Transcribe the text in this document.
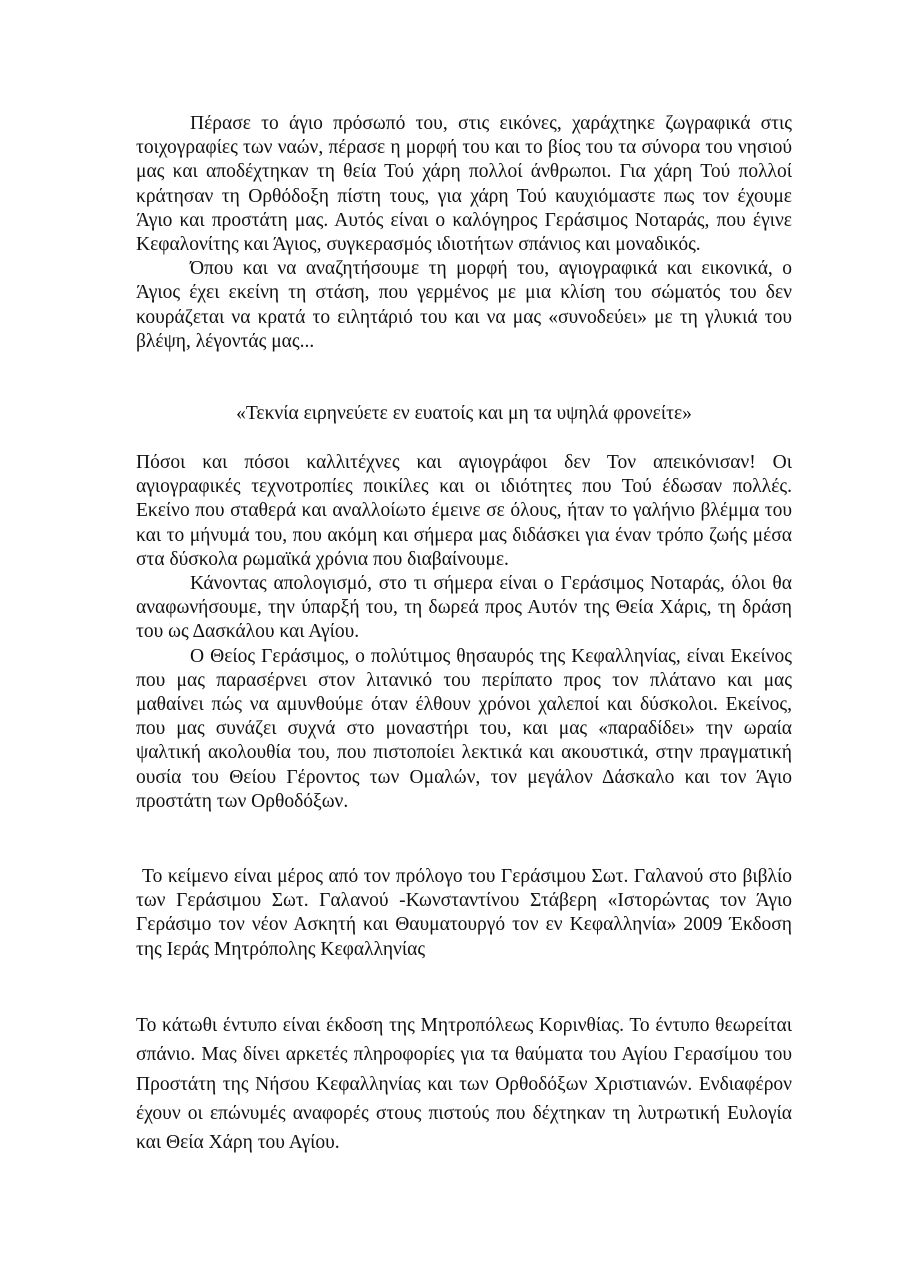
Πέρασε το άγιο πρόσωπό του, στις εικόνες, χαράχτηκε ζωγραφικά στις τοιχογραφίες των ναών, πέρασε η μορφή του και το βίος του τα σύνορα του νησιού μας και αποδέχτηκαν τη θεία Τού χάρη πολλοί άνθρωποι. Για χάρη Τού πολλοί κράτησαν τη Ορθόδοξη πίστη τους, για χάρη Τού καυχιόμαστε πως τον έχουμε Άγιο και προστάτη μας. Αυτός είναι ο καλόγηρος Γεράσιμος Νοταράς, που έγινε Κεφαλονίτης και Άγιος, συγκερασμός ιδιοτήτων σπάνιος και μοναδικός.

Όπου και να αναζητήσουμε τη μορφή του, αγιογραφικά και εικονικά, ο Άγιος έχει εκείνη τη στάση, που γερμένος με μια κλίση του σώματός του δεν κουράζεται να κρατά το ειλητάριό του και να μας «συνοδεύει» με τη γλυκιά του βλέψη, λέγοντάς μας...

«Τεκνία ειρηνεύετε εν ευατοίς και μη τα υψηλά φρονείτε»

Πόσοι και πόσοι καλλιτέχνες και αγιογράφοι δεν Τον απεικόνισαν! Οι αγιογραφικές τεχνοτροπίες ποικίλες και οι ιδιότητες που Τού έδωσαν πολλές. Εκείνο που σταθερά και αναλλοίωτο έμεινε σε όλους, ήταν το γαλήνιο βλέμμα του και το μήνυμά του, που ακόμη και σήμερα μας διδάσκει για έναν τρόπο ζωής μέσα στα δύσκολα ρωμαϊκά χρόνια που διαβαίνουμε.

Κάνοντας απολογισμό, στο τι σήμερα είναι ο Γεράσιμος Νοταράς, όλοι θα αναφωνήσουμε, την ύπαρξή του, τη δωρεά προς Αυτόν της Θεία Χάρις, τη δράση του ως Δασκάλου και Αγίου.

Ο Θείος Γεράσιμος, ο πολύτιμος θησαυρός της Κεφαλληνίας, είναι Εκείνος που μας παρασέρνει στον λιτανικό του περίπατο προς τον πλάτανο και μας μαθαίνει πώς να αμυνθούμε όταν έλθουν χρόνοι χαλεποί και δύσκολοι. Εκείνος, που μας συνάζει συχνά στο μοναστήρι του, και μας «παραδίδει» την ωραία ψαλτική ακολουθία του, που πιστοποίει λεκτικά και ακουστικά, στην πραγματική ουσία του Θείου Γέροντος των Ομαλών, τον μεγάλον Δάσκαλο και τον Άγιο προστάτη των Ορθοδόξων.

Το κείμενο είναι μέρος από τον πρόλογο του Γεράσιμου Σωτ. Γαλανού στο βιβλίο των Γεράσιμου Σωτ. Γαλανού -Κωνσταντίνου Στάβερη «Ιστορώντας τον Άγιο Γεράσιμο τον νέον Ασκητή και Θαυματουργό τον εν Κεφαλληνία» 2009 Έκδοση της Ιεράς Μητρόπολης Κεφαλληνίας
Το κάτωθι έντυπο είναι έκδοση της Μητροπόλεως Κορινθίας. Το έντυπο θεωρείται σπάνιο. Μας δίνει αρκετές πληροφορίες για τα θαύματα του Αγίου Γερασίμου του Προστάτη της Νήσου Κεφαλληνίας και των Ορθοδόξων Χριστιανών. Ενδιαφέρον έχουν οι επώνυμές αναφορές στους πιστούς που δέχτηκαν τη λυτρωτική Ευλογία και Θεία Χάρη του Αγίου.
